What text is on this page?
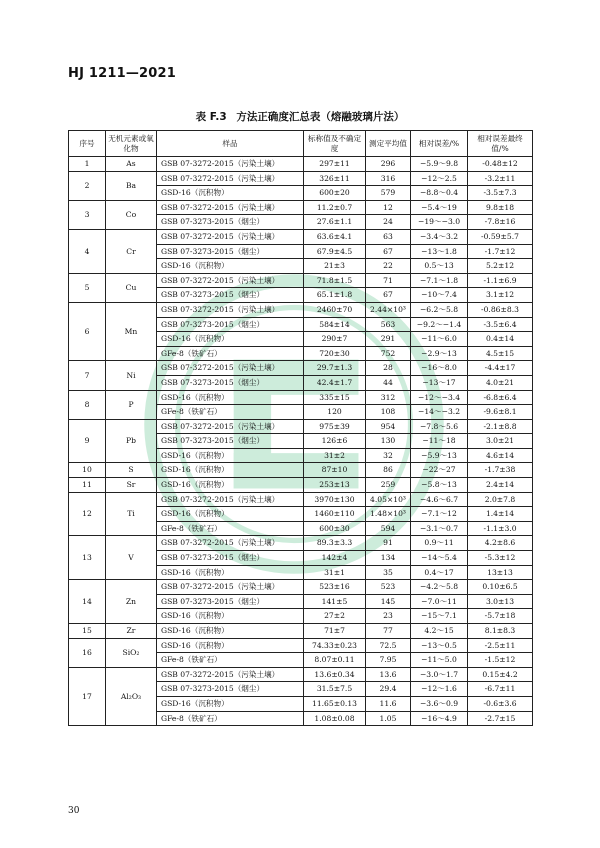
HJ 1211—2021
表 F.3 方法正确度汇总表（熔融玻璃片法）
序号	无机元素或氧化物	样品	标称值及不确定度	测定平均值	相对误差/%	相对误差最终值/%
1	As	GSB 07-3272-2015（污染土壤）	297±11	296	−5.9～9.8	-0.48±12
2	Ba	GSB 07-3272-2015（污染土壤）	326±11	316	−12～2.5	-3.2±11
		GSD-16（沉积物）	600±20	579	−8.8～0.4	-3.5±7.3
3	Co	GSB 07-3272-2015（污染土壤）	11.2±0.7	12	−5.4～19	9.8±18
		GSB 07-3273-2015（烟尘）	27.6±1.1	24	−19～−3.0	-7.8±16
4	Cr	GSB 07-3272-2015（污染土壤）	63.6±4.1	63	−3.4～3.2	-0.59±5.7
		GSB 07-3273-2015（烟尘）	67.9±4.5	67	−13～1.8	-1.7±12
		GSD-16（沉积物）	21±3	22	0.5～13	5.2±12
5	Cu	GSB 07-3272-2015（污染土壤）	71.8±1.5	71	−7.1～1.8	-1.1±6.9
		GSB 07-3273-2015（烟尘）	65.1±1.8	67	−10～7.4	3.1±12
6	Mn	GSB 07-3272-2015（污染土壤）	2460±70	2.44×10³	−6.2～5.8	-0.86±8.3
		GSB 07-3273-2015（烟尘）	584±14	563	−9.2～−1.4	-3.5±6.4
		GSD-16（沉积物）	290±7	291	−11～6.0	0.4±14
		GFe-8（铁矿石）	720±30	752	−2.9～13	4.5±15
7	Ni	GSB 07-3272-2015（污染土壤）	29.7±1.3	28	−16～8.0	-4.4±17
		GSB 07-3273-2015（烟尘）	42.4±1.7	44	−13～17	4.0±21
8	P	GSD-16（沉积物）	335±15	312	−12～−3.4	-6.8±6.4
		GFe-8（铁矿石）	120	108	−14～−3.2	-9.6±8.1
9	Pb	GSB 07-3272-2015（污染土壤）	975±39	954	−7.8～5.6	-2.1±8.8
		GSB 07-3273-2015（烟尘）	126±6	130	−11～18	3.0±21
		GSD-16（沉积物）	31±2	32	−5.9～13	4.6±14
10	S	GSD-16（沉积物）	87±10	86	−22～27	-1.7±38
11	Sr	GSD-16（沉积物）	253±13	259	−5.8～13	2.4±14
12	Ti	GSB 07-3272-2015（污染土壤）	3970±130	4.05×10³	−4.6～6.7	2.0±7.8
		GSD-16（沉积物）	1460±110	1.48×10³	−7.1～12	1.4±14
		GFe-8（铁矿石）	600±30	594	−3.1～0.7	-1.1±3.0
13	V	GSB 07-3272-2015（污染土壤）	89.3±3.3	91	0.9～11	4.2±8.6
		GSB 07-3273-2015（烟尘）	142±4	134	−14～5.4	-5.3±12
		GSD-16（沉积物）	31±1	35	0.4～17	13±13
14	Zn	GSB 07-3272-2015（污染土壤）	523±16	523	−4.2～5.8	0.10±6.5
		GSB 07-3273-2015（烟尘）	141±5	145	−7.0～11	3.0±13
		GSD-16（沉积物）	27±2	23	−15～7.1	-5.7±18
15	Zr	GSD-16（沉积物）	71±7	77	4.2～15	8.1±8.3
16	SiO₂	GSD-16（沉积物）	74.33±0.23	72.5	−13～0.5	-2.5±11
		GFe-8（铁矿石）	8.07±0.11	7.95	−11～5.0	-1.5±12
17	Al₂O₃	GSB 07-3272-2015（污染土壤）	13.6±0.34	13.6	−3.0～1.7	0.15±4.2
		GSB 07-3273-2015（烟尘）	31.5±7.5	29.4	−12～1.6	-6.7±11
		GSD-16（沉积物）	11.65±0.13	11.6	−3.6～0.9	-0.6±3.6
		GFe-8（铁矿石）	1.08±0.08	1.05	−16～4.9	-2.7±15
30
